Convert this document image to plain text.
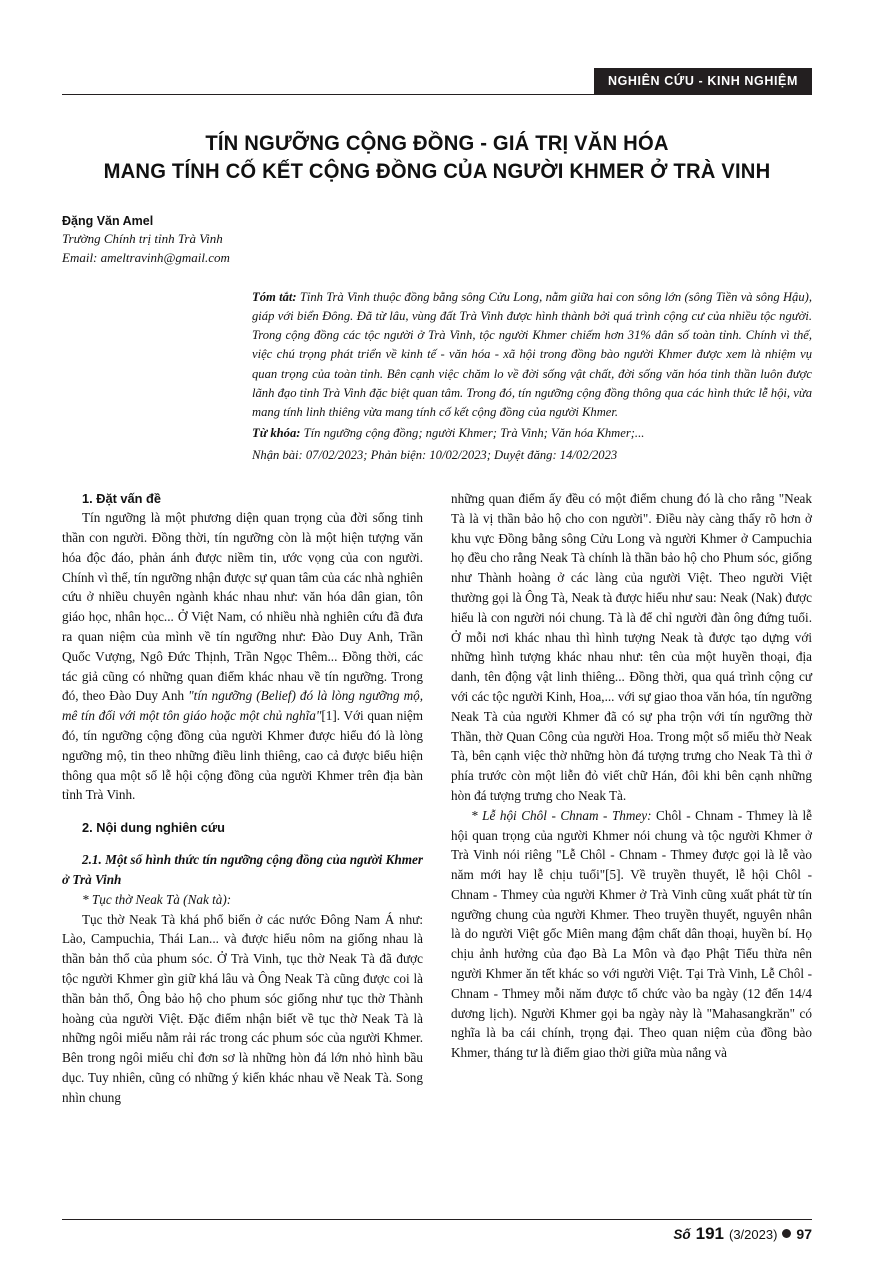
NGHIÊN CỨU - KINH NGHIỆM
TÍN NGƯỠNG CỘNG ĐỒNG - GIÁ TRỊ VĂN HÓA
MANG TÍNH CỐ KẾT CỘNG ĐỒNG CỦA NGƯỜI KHMER Ở TRÀ VINH
Đặng Văn Amel
Trường Chính trị tỉnh Trà Vinh
Email: ameltravinh@gmail.com

Tóm tắt: Tỉnh Trà Vinh thuộc đồng bằng sông Cửu Long, nằm giữa hai con sông lớn (sông Tiền và sông Hậu), giáp với biển Đông. Đã từ lâu, vùng đất Trà Vinh được hình thành bởi quá trình cộng cư của nhiều tộc người. Trong cộng đồng các tộc người ở Trà Vinh, tộc người Khmer chiếm hơn 31% dân số toàn tỉnh. Chính vì thế, việc chú trọng phát triển về kinh tế - văn hóa - xã hội trong đồng bào người Khmer được xem là nhiệm vụ quan trọng của toàn tỉnh. Bên cạnh việc chăm lo về đời sống vật chất, đời sống văn hóa tinh thần luôn được lãnh đạo tỉnh Trà Vinh đặc biệt quan tâm. Trong đó, tín ngưỡng cộng đồng thông qua các hình thức lễ hội, vừa mang tính linh thiêng vừa mang tính cố kết cộng đồng của người Khmer.

Từ khóa: Tín ngưỡng cộng đồng; người Khmer; Trà Vinh; Văn hóa Khmer;...

Nhận bài: 07/02/2023; Phản biện: 10/02/2023; Duyệt đăng: 14/02/2023

1. Đặt vấn đề

Tín ngưỡng là một phương diện quan trọng của đời sống tinh thần con người. Đồng thời, tín ngưỡng còn là một hiện tượng văn hóa độc đáo, phản ánh được niềm tin, ước vọng của con người. Chính vì thế, tín ngưỡng nhận được sự quan tâm của các nhà nghiên cứu ở nhiều chuyên ngành khác nhau như: văn hóa dân gian, tôn giáo học, nhân học... Ở Việt Nam, có nhiều nhà nghiên cứu đã đưa ra quan niệm của mình về tín ngưỡng như: Đào Duy Anh, Trần Quốc Vượng, Ngô Đức Thịnh, Trần Ngọc Thêm... Đồng thời, các tác giả cũng có những quan điểm khác nhau về tín ngưỡng. Trong đó, theo Đào Duy Anh "tín ngưỡng (Belief) đó là lòng ngưỡng mộ, mê tín đối với một tôn giáo hoặc một chủ nghĩa"[1]. Với quan niệm đó, tín ngưỡng cộng đồng của người Khmer được hiểu đó là lòng ngưỡng mộ, tin theo những điều linh thiêng, cao cả được biểu hiện thông qua một số lễ hội cộng đồng của người Khmer trên địa bàn tỉnh Trà Vinh.

2. Nội dung nghiên cứu

2.1. Một số hình thức tín ngưỡng cộng đồng của người Khmer ở Trà Vinh

* Tục thờ Neak Tà (Nak tà):

Tục thờ Neak Tà khá phổ biến ở các nước Đông Nam Á như: Lào, Campuchia, Thái Lan... và được hiểu nôm na giống nhau là thần bản thổ của phum sóc. Ở Trà Vinh, tục thờ Neak Tà đã được tộc người Khmer gìn giữ khá lâu và Ông Neak Tà cũng được coi là thần bản thổ, Ông bảo hộ cho phum sóc giống như tục thờ Thành hoàng của người Việt. Đặc điểm nhận biết về tục thờ Neak Tà là những ngôi miếu nằm rải rác trong các phum sóc của người Khmer. Bên trong ngôi miếu chỉ đơn sơ là những hòn đá lớn nhỏ hình bầu dục. Tuy nhiên, cũng có những ý kiến khác nhau về Neak Tà. Song nhìn chung

những quan điểm ấy đều có một điểm chung đó là cho rằng "Neak Tà là vị thần bảo hộ cho con người". Điều này càng thấy rõ hơn ở khu vực Đồng bằng sông Cửu Long và người Khmer ở Campuchia họ đều cho rằng Neak Tà chính là thần bảo hộ cho Phum sóc, giống như Thành hoàng ở các làng của người Việt. Theo người Việt thường gọi là Ông Tà, Neak tà được hiểu như sau: Neak (Nak) được hiểu là con người nói chung. Tà là để chỉ người đàn ông đứng tuổi. Ở mỗi nơi khác nhau thì hình tượng Neak tà được tạo dựng với những hình tượng khác nhau như: tên của một huyền thoại, địa danh, tên động vật linh thiêng... Đồng thời, qua quá trình cộng cư với các tộc người Kinh, Hoa,... với sự giao thoa văn hóa, tín ngưỡng Neak Tà của người Khmer đã có sự pha trộn với tín ngưỡng thờ Thần, thờ Quan Công của người Hoa. Trong một số miếu thờ Neak Tà, bên cạnh việc thờ những hòn đá tượng trưng cho Neak Tà thì ở phía trước còn một liễn đỏ viết chữ Hán, đôi khi bên cạnh những hòn đá tượng trưng cho Neak Tà.

* Lễ hội Chôl - Chnam - Thmey: Chôl - Chnam - Thmey là lễ hội quan trọng của người Khmer nói chung và tộc người Khmer ở Trà Vinh nói riêng "Lễ Chôl - Chnam - Thmey được gọi là lễ vào năm mới hay lễ chịu tuổi"[5]. Về truyền thuyết, lễ hội Chôl - Chnam - Thmey của người Khmer ở Trà Vinh cũng xuất phát từ tín ngưỡng chung của người Khmer. Theo truyền thuyết, nguyên nhân là do người Việt gốc Miên mang đậm chất dân thoại, huyền bí. Họ chịu ảnh hưởng của đạo Bà La Môn và đạo Phật Tiểu thừa nên người Khmer ăn tết khác so với người Việt. Tại Trà Vinh, Lễ Chôl - Chnam - Thmey mỗi năm được tổ chức vào ba ngày (12 đến 14/4 dương lịch). Người Khmer gọi ba ngày này là "Mahasangkrăn" có nghĩa là ba cái chính, trọng đại. Theo quan niệm của đồng bào Khmer, tháng tư là điểm giao thời giữa mùa nắng và

Số 191 (3/2023) 97
